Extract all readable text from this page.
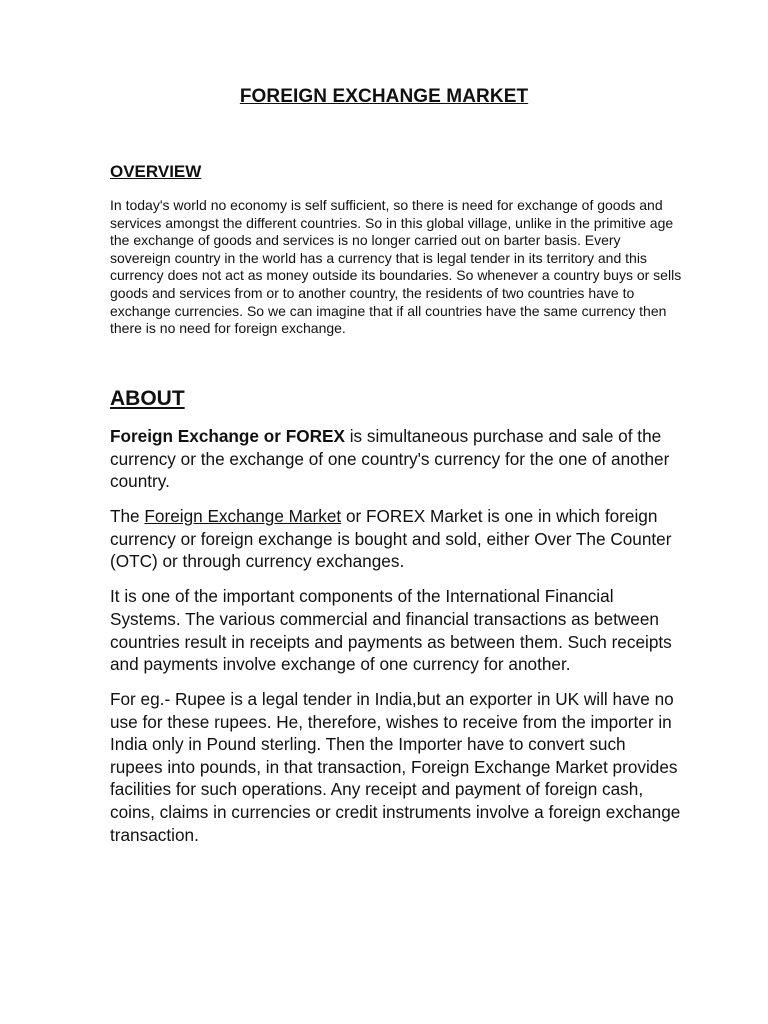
FOREIGN EXCHANGE MARKET
OVERVIEW

In today's world no economy is self sufficient, so there is need for exchange of goods and services amongst the different countries. So in this global village, unlike in the primitive age the exchange of goods and services is no longer carried out on barter basis. Every sovereign country in the world has a currency that is legal tender in its territory and this currency does not act as money outside its boundaries. So whenever a country buys or sells goods and services from or to another country, the residents of two countries have to exchange currencies. So we can imagine that if all countries have the same currency then there is no need for foreign exchange.

ABOUT

Foreign Exchange or FOREX is simultaneous purchase and sale of the currency or the exchange of one country's currency for the one of another country.

The Foreign Exchange Market or FOREX Market is one in which foreign currency or foreign exchange is bought and sold, either Over The Counter (OTC) or through currency exchanges.

It is one of the important components of the International Financial Systems. The various commercial and financial transactions as between countries result in receipts and payments as between them. Such receipts and payments involve exchange of one currency for another.

For eg.- Rupee is a legal tender in India,but an exporter in UK will have no use for these rupees. He, therefore, wishes to receive from the importer in India only in Pound sterling. Then the Importer have to convert such rupees into pounds, in that transaction, Foreign Exchange Market provides facilities for such operations. Any receipt and payment of foreign cash, coins, claims in currencies or credit instruments involve a foreign exchange transaction.
